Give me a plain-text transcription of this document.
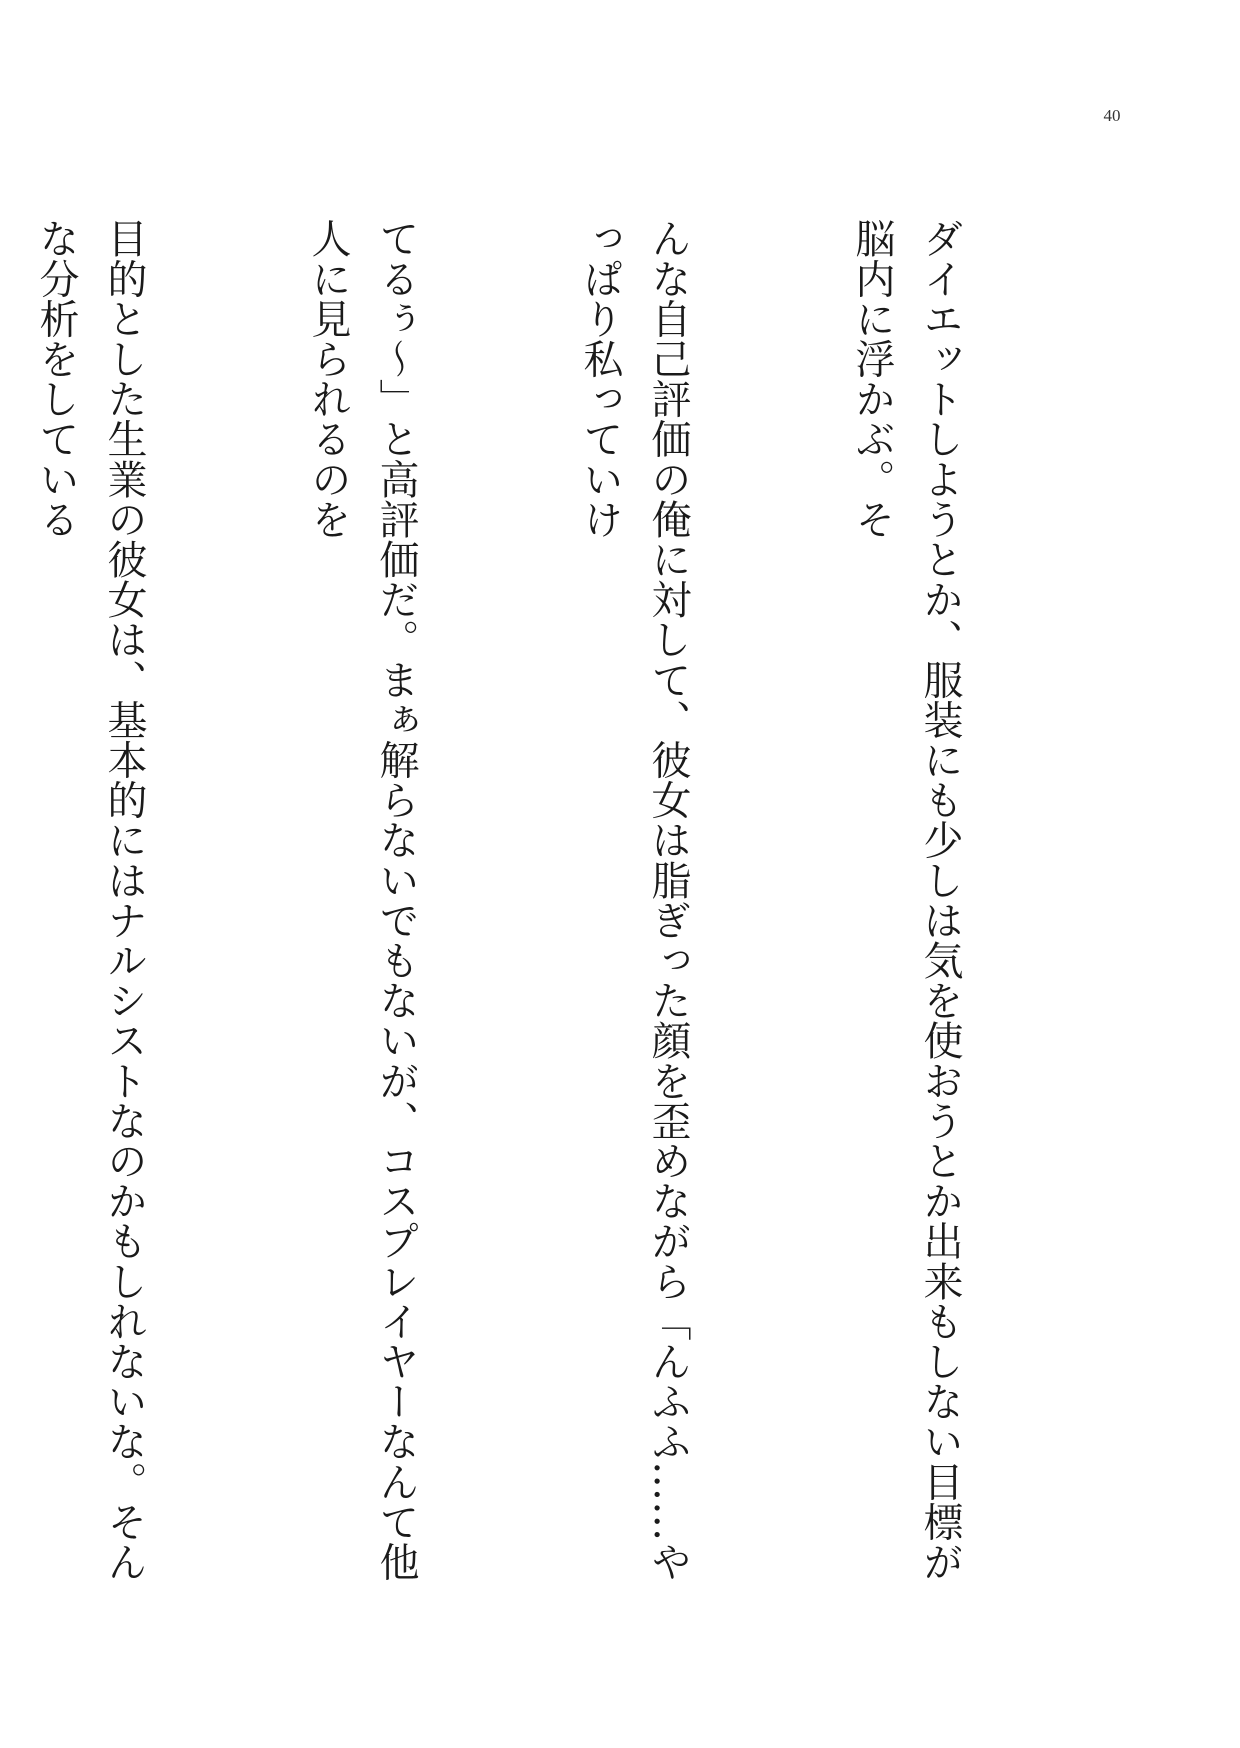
40

ダイエットしようとか、服装にも少しは気を使おうとか出来もしない目標が脳内に浮かぶ。そ

んな自己評価の俺に対して、彼女は脂ぎった顔を歪めながら「んふふ……やっぱり私っていけ

てるぅ～」と高評価だ。まぁ解らないでもないが、コスプレイヤーなんて他人に見られるのを

目的とした生業の彼女は、基本的にはナルシストなのかもしれないな。そんな分析をしている
